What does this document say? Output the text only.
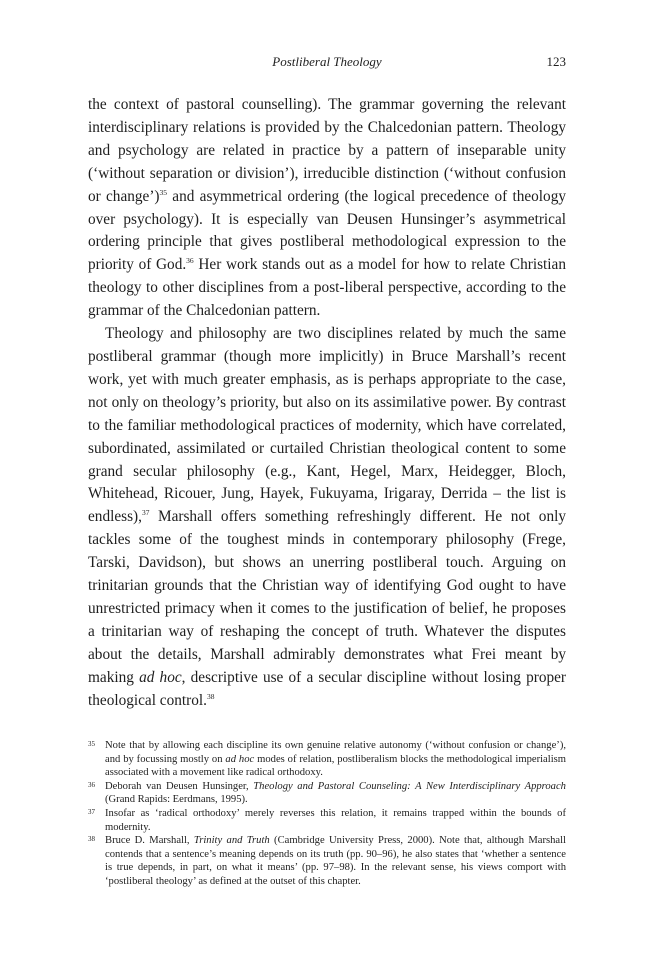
Postliberal Theology	123

the context of pastoral counselling). The grammar governing the relevant interdisciplinary relations is provided by the Chalcedonian pattern. Theology and psychology are related in practice by a pattern of inseparable unity (‘without separation or division’), irreducible distinction (‘without confusion or change’)$^{35}$ and asymmetrical ordering (the logical precedence of theology over psychology). It is especially van Deusen Hunsinger’s asymmetrical ordering principle that gives postliberal methodological expression to the priority of God.$^{36}$ Her work stands out as a model for how to relate Christian theology to other disciplines from a post-liberal perspective, according to the grammar of the Chalcedonian pattern.

Theology and philosophy are two disciplines related by much the same postliberal grammar (though more implicitly) in Bruce Marshall’s recent work, yet with much greater emphasis, as is perhaps appropriate to the case, not only on theology’s priority, but also on its assimilative power. By contrast to the familiar methodological practices of modernity, which have correlated, subordinated, assimilated or curtailed Christian theological content to some grand secular philosophy (e.g., Kant, Hegel, Marx, Heidegger, Bloch, Whitehead, Ricouer, Jung, Hayek, Fukuyama, Irigaray, Derrida – the list is endless),$^{37}$ Marshall offers something refreshingly different. He not only tackles some of the toughest minds in contemporary philosophy (Frege, Tarski, Davidson), but shows an unerring postliberal touch. Arguing on trinitarian grounds that the Christian way of identifying God ought to have unrestricted primacy when it comes to the justification of belief, he proposes a trinitarian way of reshaping the concept of truth. Whatever the disputes about the details, Marshall admirably demonstrates what Frei meant by making ad hoc, descriptive use of a secular discipline without losing proper theological control.$^{38}$

35 Note that by allowing each discipline its own genuine relative autonomy (‘without confusion or change’), and by focussing mostly on ad hoc modes of relation, postliberalism blocks the methodological imperialism associated with a movement like radical orthodoxy.
36 Deborah van Deusen Hunsinger, Theology and Pastoral Counseling: A New Interdisciplinary Approach (Grand Rapids: Eerdmans, 1995).
37 Insofar as ‘radical orthodoxy’ merely reverses this relation, it remains trapped within the bounds of modernity.
38 Bruce D. Marshall, Trinity and Truth (Cambridge University Press, 2000). Note that, although Marshall contends that a sentence’s meaning depends on its truth (pp. 90–96), he also states that ‘whether a sentence is true depends, in part, on what it means’ (pp. 97–98). In the relevant sense, his views comport with ‘postliberal theology’ as defined at the outset of this chapter.
